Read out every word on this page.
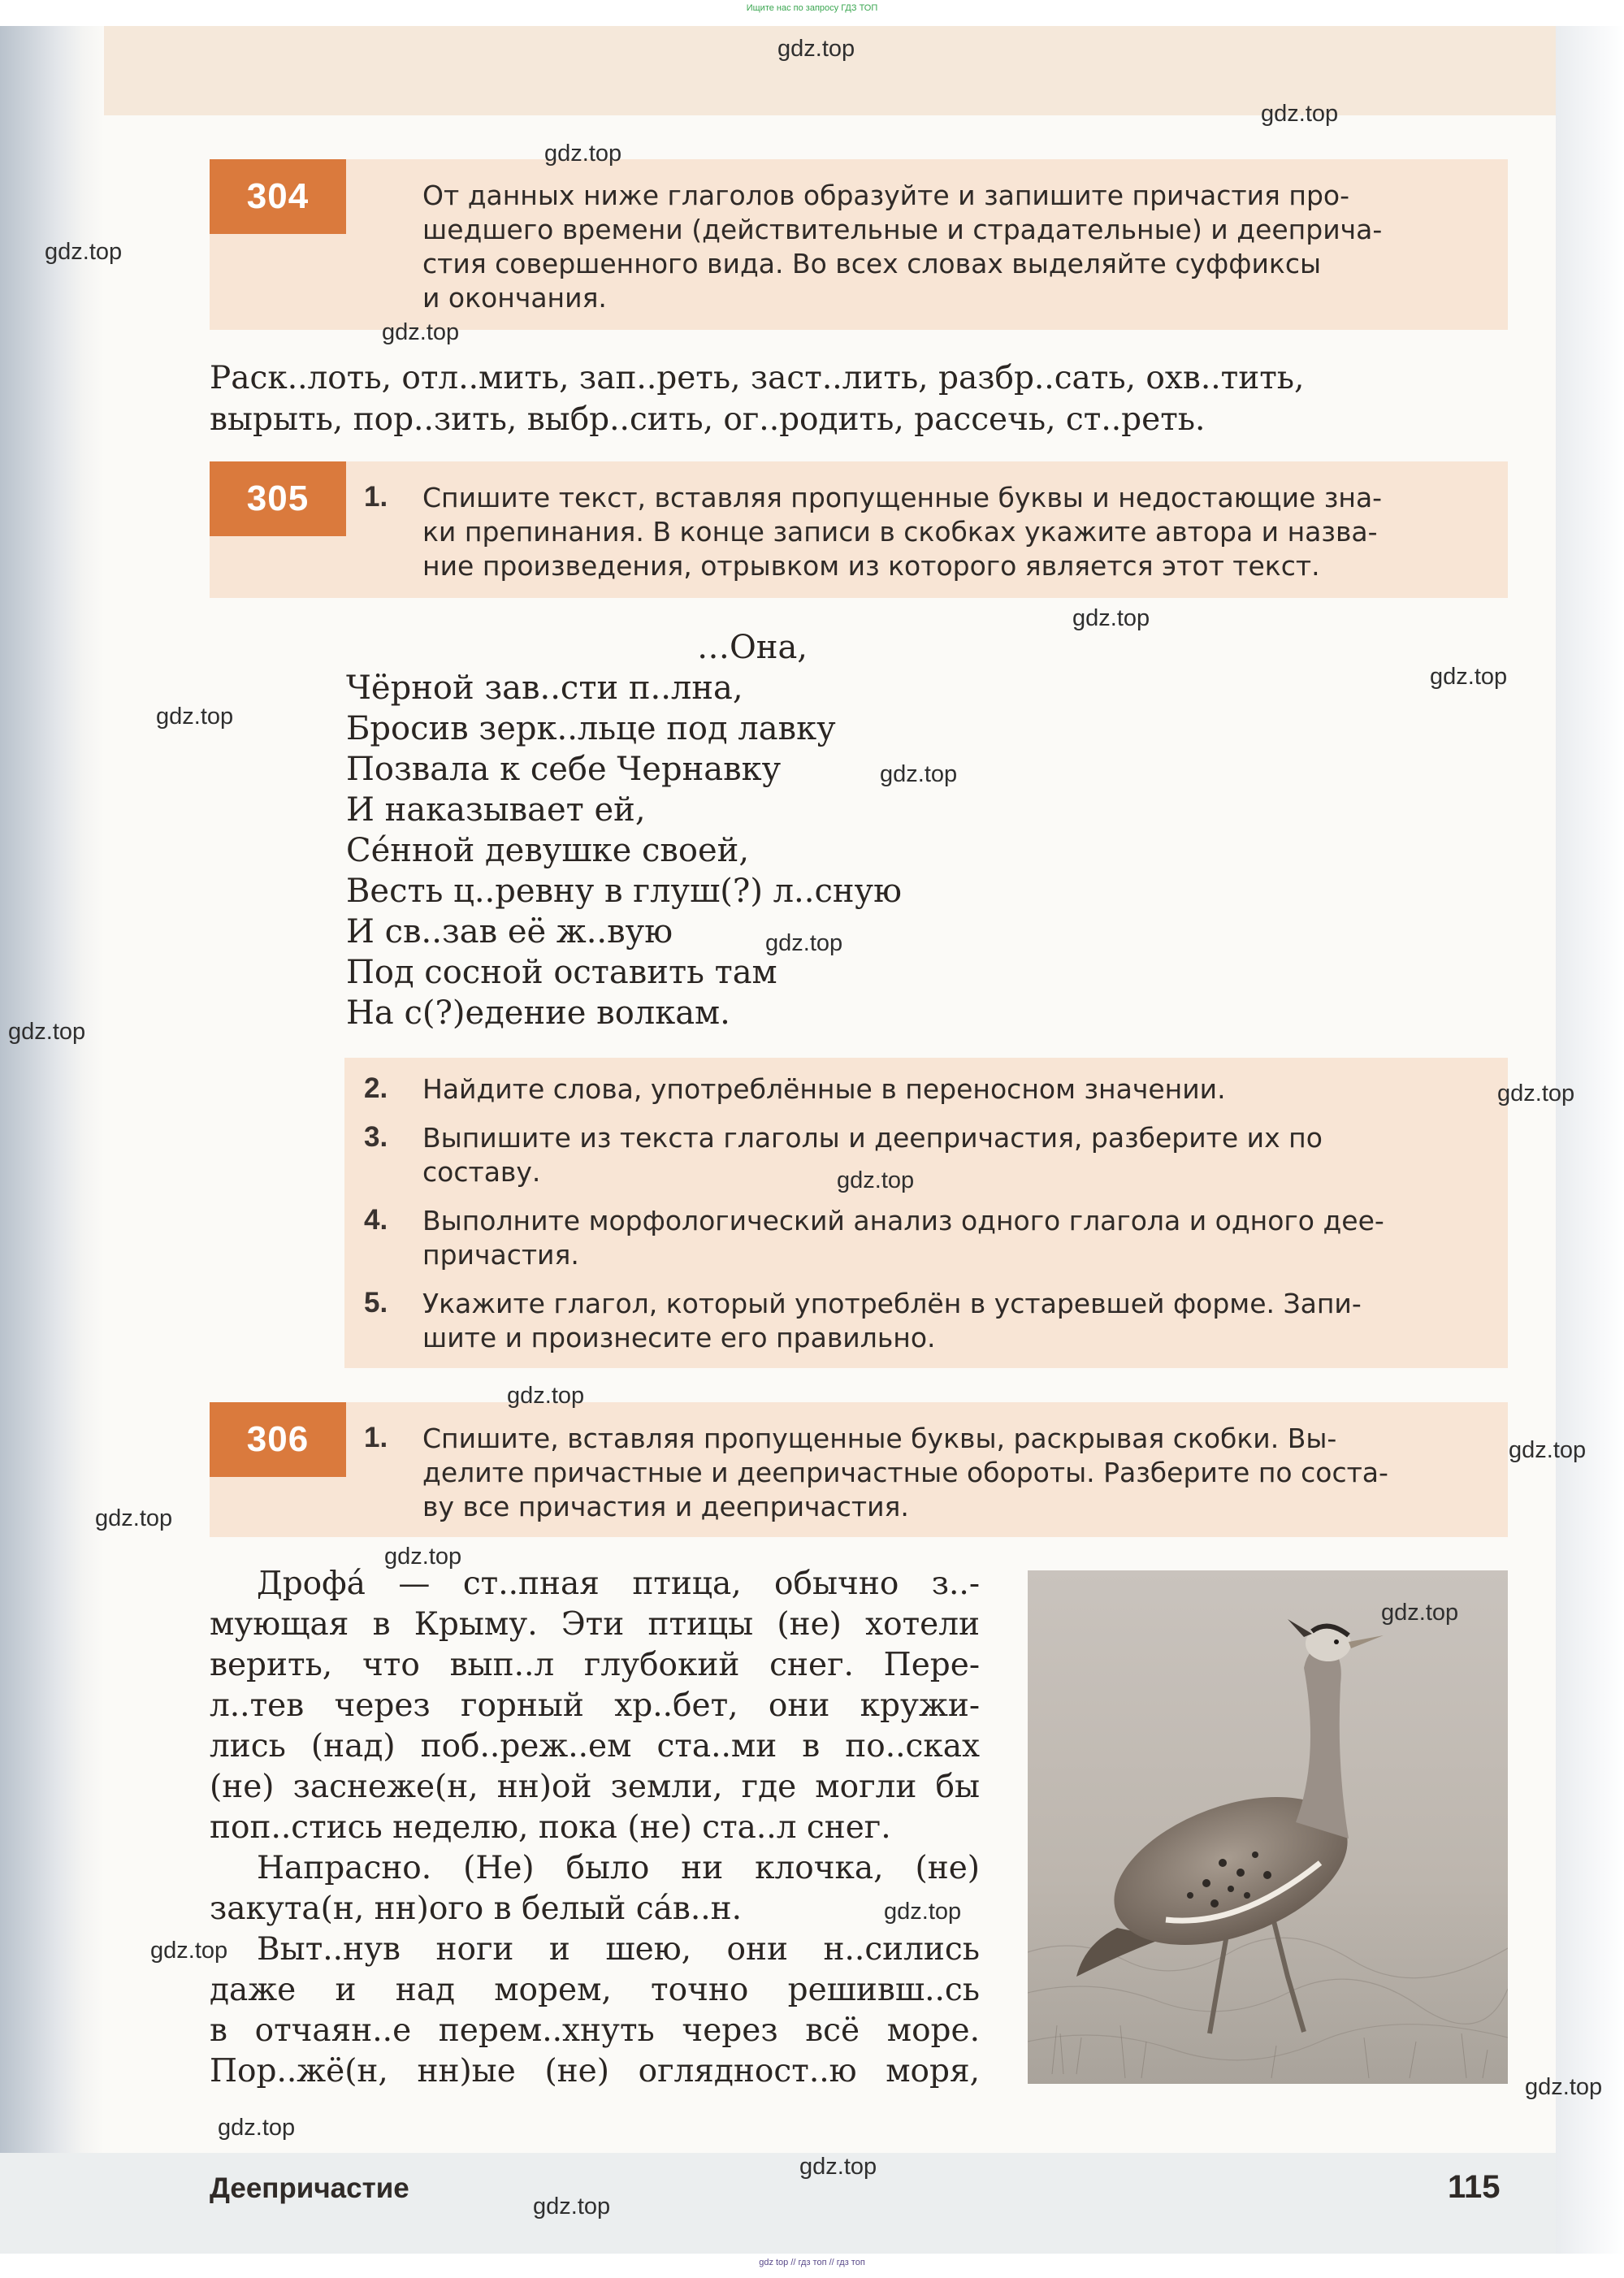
Ищите нас по запросу ГДЗ ТОП
gdz top // гдз топ // гдз топ
304	От данных ниже глаголов образуйте и запишите причастия про-
шедшего времени (действительные и страдательные) и дееприча-
стия совершенного вида. Во всех словах выделяйте суффиксы
и окончания.
Раск..лоть, отл..мить, зап..реть, заст..лить, разбр..сать, охв..тить,
вырыть, пор..зить, выбр..сить, ог..родить, рассечь, ст..реть.
305	1. Спишите текст, вставляя пропущенные буквы и недостающие зна-
ки препинания. В конце записи в скобках укажите автора и назва-
ние произведения, отрывком из которого является этот текст.
…Она,
Чёрной зав..сти п..лна,
Бросив зерк..льце под лавку
Позвала к себе Чернавку
И наказывает ей,
Се́нной девушке своей,
Весть ц..ревну в глуш(?) л..сную
И св..зав её ж..вую
Под сосной оставить там
На с(?)едение волкам.
2. Найдите слова, употреблённые в переносном значении.
3. Выпишите из текста глаголы и деепричастия, разберите их по
составу.
4. Выполните морфологический анализ одного глагола и одного дее-
причастия.
5. Укажите глагол, который употреблён в устаревшей форме. Запи-
шите и произнесите его правильно.
306	1. Спишите, вставляя пропущенные буквы, раскрывая скобки. Вы-
делите причастные и деепричастные обороты. Разберите по соста-
ву все причастия и деепричастия.
Дрофа́ — ст..пная птица, обычно з..-
мующая в Крыму. Эти птицы (не) хотели
верить, что вып..л глубокий снег. Пере-
л..тев через горный хр..бет, они кружи-
лись (над) поб..реж..ем ста..ми в по..сках
(не) заснеже(н, нн)ой земли, где могли бы
поп..стись неделю, пока (не) ста..л снег.
Напрасно. (Не) было ни клочка, (не)
закута(н, нн)ого в белый са́в..н.
Выт..нув ноги и шею, они н..сились
даже и над морем, точно решивш..сь
в отчаян..е перем..хнуть через всё море.
Пор..жё(н, нн)ые (не) оглядност..ю моря,
Деепричастие	115
gdz.top
gdz.top
gdz.top
gdz.top
gdz.top
gdz.top
gdz.top
gdz.top
gdz.top
gdz.top
gdz.top
gdz.top
gdz.top
gdz.top
gdz.top
gdz.top
gdz.top
gdz.top
gdz.top
gdz.top
gdz.top
gdz.top
gdz.top
gdz.top
